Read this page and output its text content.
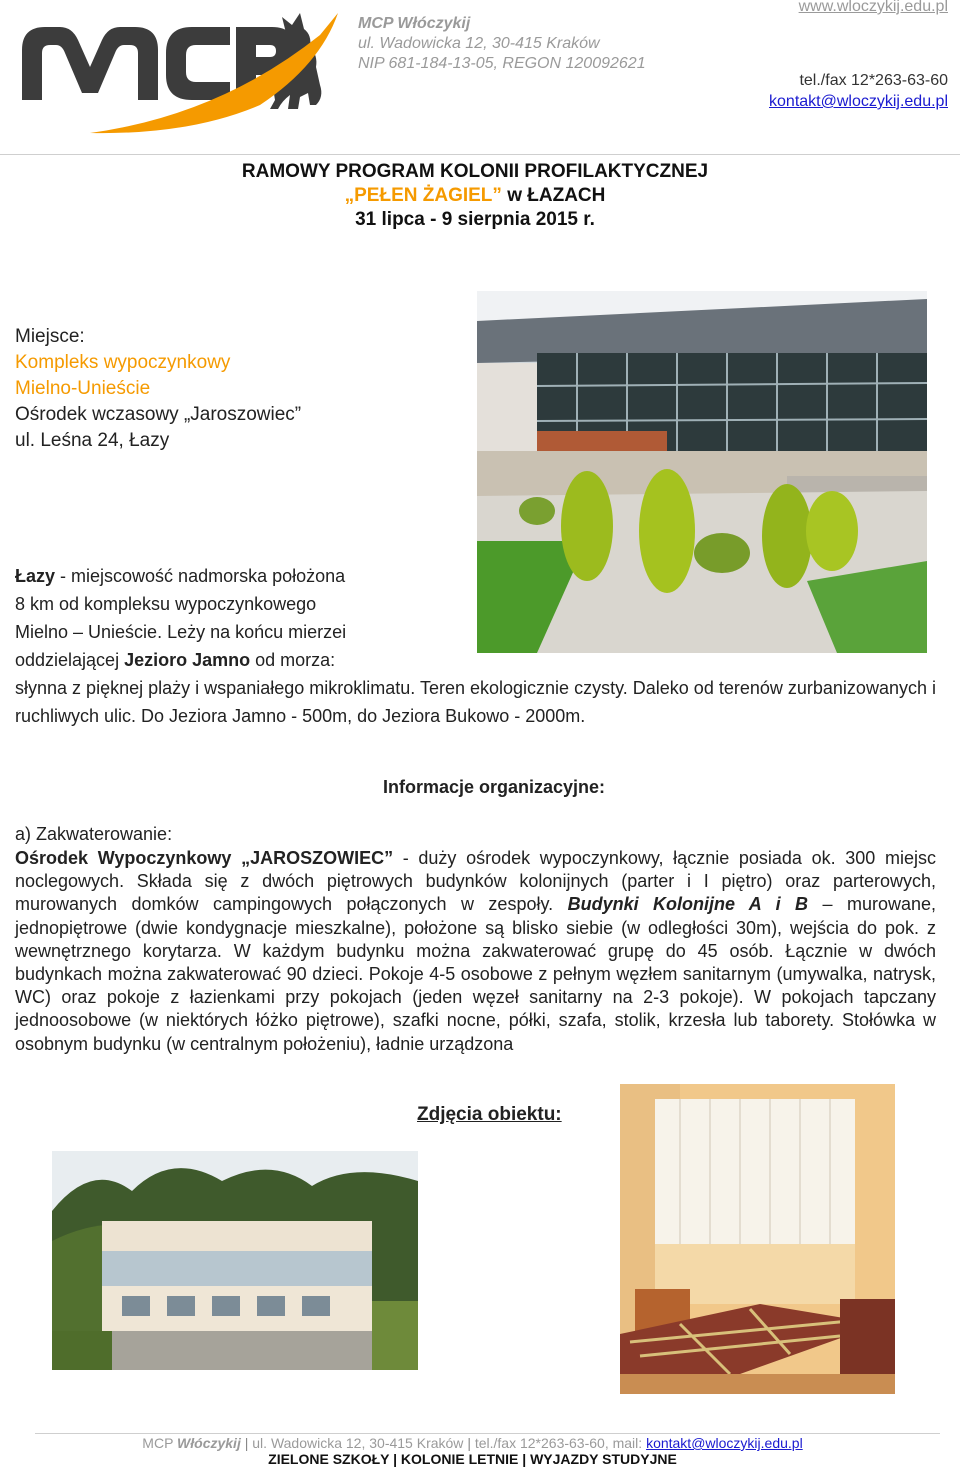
MCP Włóczykij
ul. Wadowicka 12, 30-415 Kraków
NIP 681-184-13-05, REGON 120092621
www.wloczykij.edu.pl
tel./fax 12*263-63-60
kontakt@wloczykij.edu.pl
RAMOWY PROGRAM KOLONII PROFILAKTYCZNEJ
„PEŁEN ŻAGIEL” w ŁAZACH
31 lipca - 9 sierpnia 2015 r.
Miejsce:
Kompleks wypoczynkowy
Mielno-Unieście
Ośrodek wczasowy „Jaroszowiec”
ul. Leśna 24, Łazy
Łazy - miejscowość nadmorska położona
8 km od kompleksu wypoczynkowego
Mielno – Unieście. Leży na końcu mierzei
oddzielającej Jezioro Jamno od morza:
słynna z pięknej plaży i wspaniałego mikroklimatu. Teren ekologicznie czysty. Daleko od terenów zurbanizowanych i ruchliwych ulic. Do Jeziora Jamno - 500m, do Jeziora Bukowo - 2000m.
Informacje organizacyjne:
a) Zakwaterowanie:
Ośrodek Wypoczynkowy „JAROSZOWIEC” - duży ośrodek wypoczynkowy, łącznie posiada ok. 300 miejsc noclegowych. Składa się z dwóch piętrowych budynków kolonijnych (parter i I piętro) oraz parterowych, murowanych domków campingowych połączonych w zespoły. Budynki Kolonijne A i B – murowane, jednopiętrowe (dwie kondygnacje mieszkalne), położone są blisko siebie (w odległości 30m), wejścia do pok. z wewnętrznego korytarza. W każdym budynku można zakwaterować grupę do 45 osób. Łącznie w dwóch budynkach można zakwaterować 90 dzieci. Pokoje 4-5 osobowe z pełnym węzłem sanitarnym (umywalka, natrysk, WC) oraz pokoje z łazienkami przy pokojach (jeden węzeł sanitarny na 2-3 pokoje). W pokojach tapczany jednoosobowe (w niektórych łóżko piętrowe), szafki nocne, półki, szafa, stolik, krzesła lub taborety. Stołówka w osobnym budynku (w centralnym położeniu), ładnie urządzona
Zdjęcia obiektu:
MCP Włóczykij | ul. Wadowicka 12, 30-415 Kraków | tel./fax 12*263-63-60, mail: kontakt@wloczykij.edu.pl
ZIELONE SZKOŁY | KOLONIE LETNIE | WYJAZDY STUDYJNE
